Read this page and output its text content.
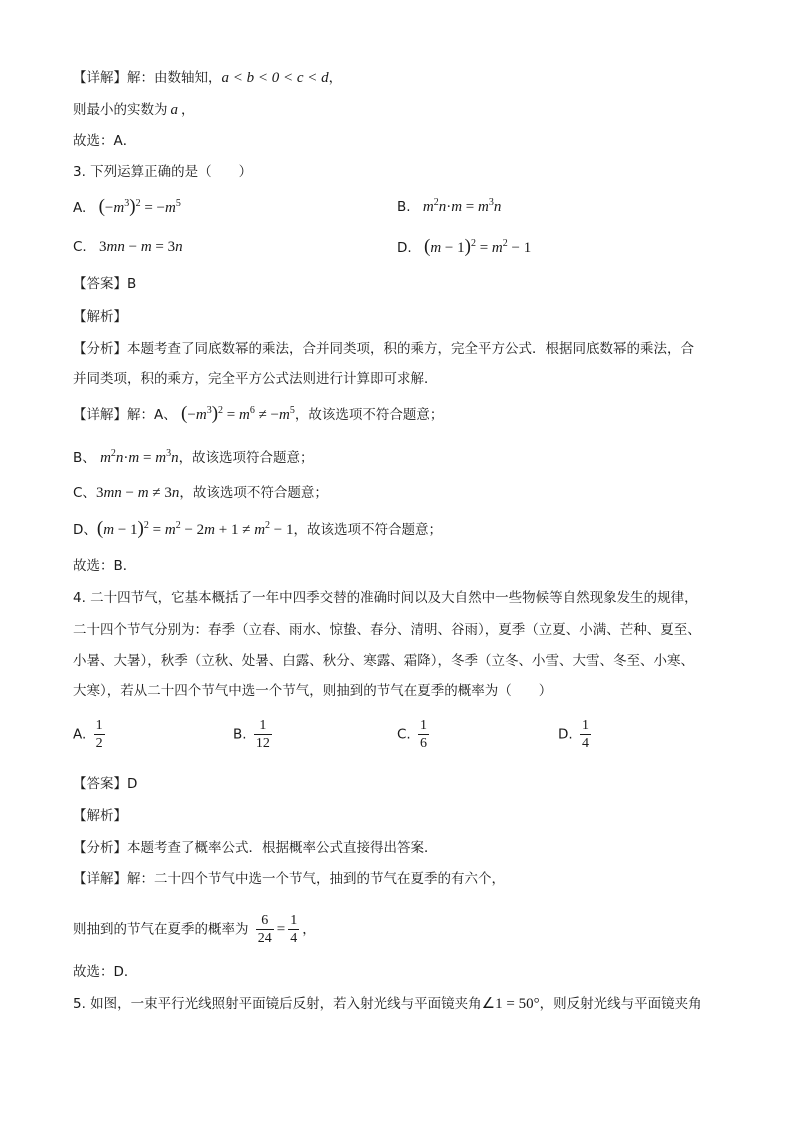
【详解】解：由数轴知，a < b < 0 < c < d，
则最小的实数为 a ，
故选：A．
3. 下列运算正确的是（　　）
A. $(-m^3)^2 = -m^5$	B. $m^2n\cdot m = m^3n$
C. 3mn − m = 3n	D. $(m - 1)^2 = m^2 - 1$
【答案】B
【解析】
【分析】本题考查了同底数幂的乘法，合并同类项，积的乘方，完全平方公式．根据同底数幂的乘法，合
并同类项，积的乘方，完全平方公式法则进行计算即可求解．
【详解】解：A、 $(-m^3)^2 = m^6 \ne -m^5$，故该选项不符合题意；
B、 $m^2n\cdot m = m^3n$，故该选项符合题意；
C、3mn − m ≠ 3n，故该选项不符合题意；
D、$(m - 1)^2 = m^2 - 2m + 1 \ne m^2 - 1$，故该选项不符合题意；
故选：B．
4. 二十四节气，它基本概括了一年中四季交替的准确时间以及大自然中一些物候等自然现象发生的规律，
二十四个节气分别为：春季（立春、雨水、惊蛰、春分、清明、谷雨），夏季（立夏、小满、芒种、夏至、
小暑、大暑），秋季（立秋、处暑、白露、秋分、寒露、霜降），冬季（立冬、小雪、大雪、冬至、小寒、
大寒），若从二十四个节气中选一个节气，则抽到的节气在夏季的概率为（　　）
A. $\frac{1}{2}$	B. $\frac{1}{12}$	C. $\frac{1}{6}$	D. $\frac{1}{4}$
【答案】D
【解析】
【分析】本题考查了概率公式．根据概率公式直接得出答案．
【详解】解：二十四个节气中选一个节气，抽到的节气在夏季的有六个，
则抽到的节气在夏季的概率为 $\frac{6}{24} = \frac{1}{4}$ ，
故选：D．
5. 如图，一束平行光线照射平面镜后反射，若入射光线与平面镜夹角∠1 = 50°，则反射光线与平面镜夹角
